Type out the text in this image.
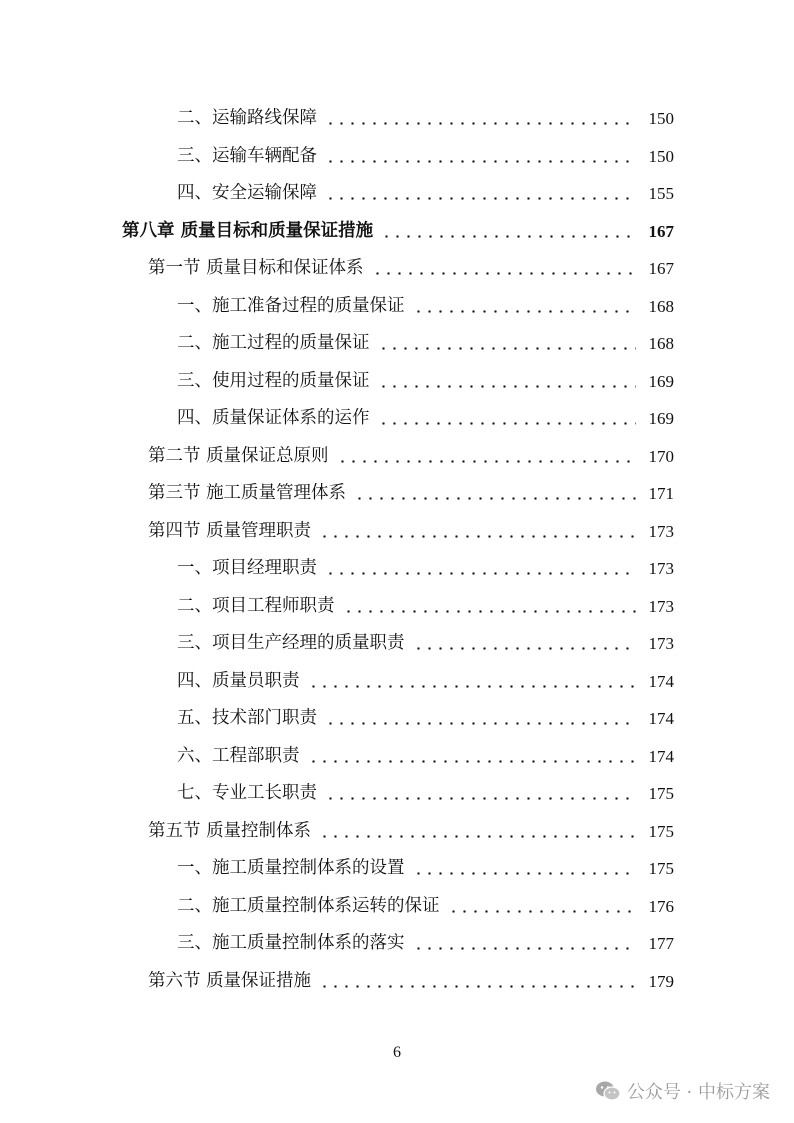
二、运输路线保障	150
三、运输车辆配备	150
四、安全运输保障	155
第八章 质量目标和质量保证措施	167
第一节 质量目标和保证体系	167
一、施工准备过程的质量保证	168
二、施工过程的质量保证	168
三、使用过程的质量保证	169
四、质量保证体系的运作	169
第二节 质量保证总原则	170
第三节 施工质量管理体系	171
第四节 质量管理职责	173
一、项目经理职责	173
二、项目工程师职责	173
三、项目生产经理的质量职责	173
四、质量员职责	174
五、技术部门职责	174
六、工程部职责	174
七、专业工长职责	175
第五节 质量控制体系	175
一、施工质量控制体系的设置	175
二、施工质量控制体系运转的保证	176
三、施工质量控制体系的落实	177
第六节 质量保证措施	179
6
公众号 · 中标方案
